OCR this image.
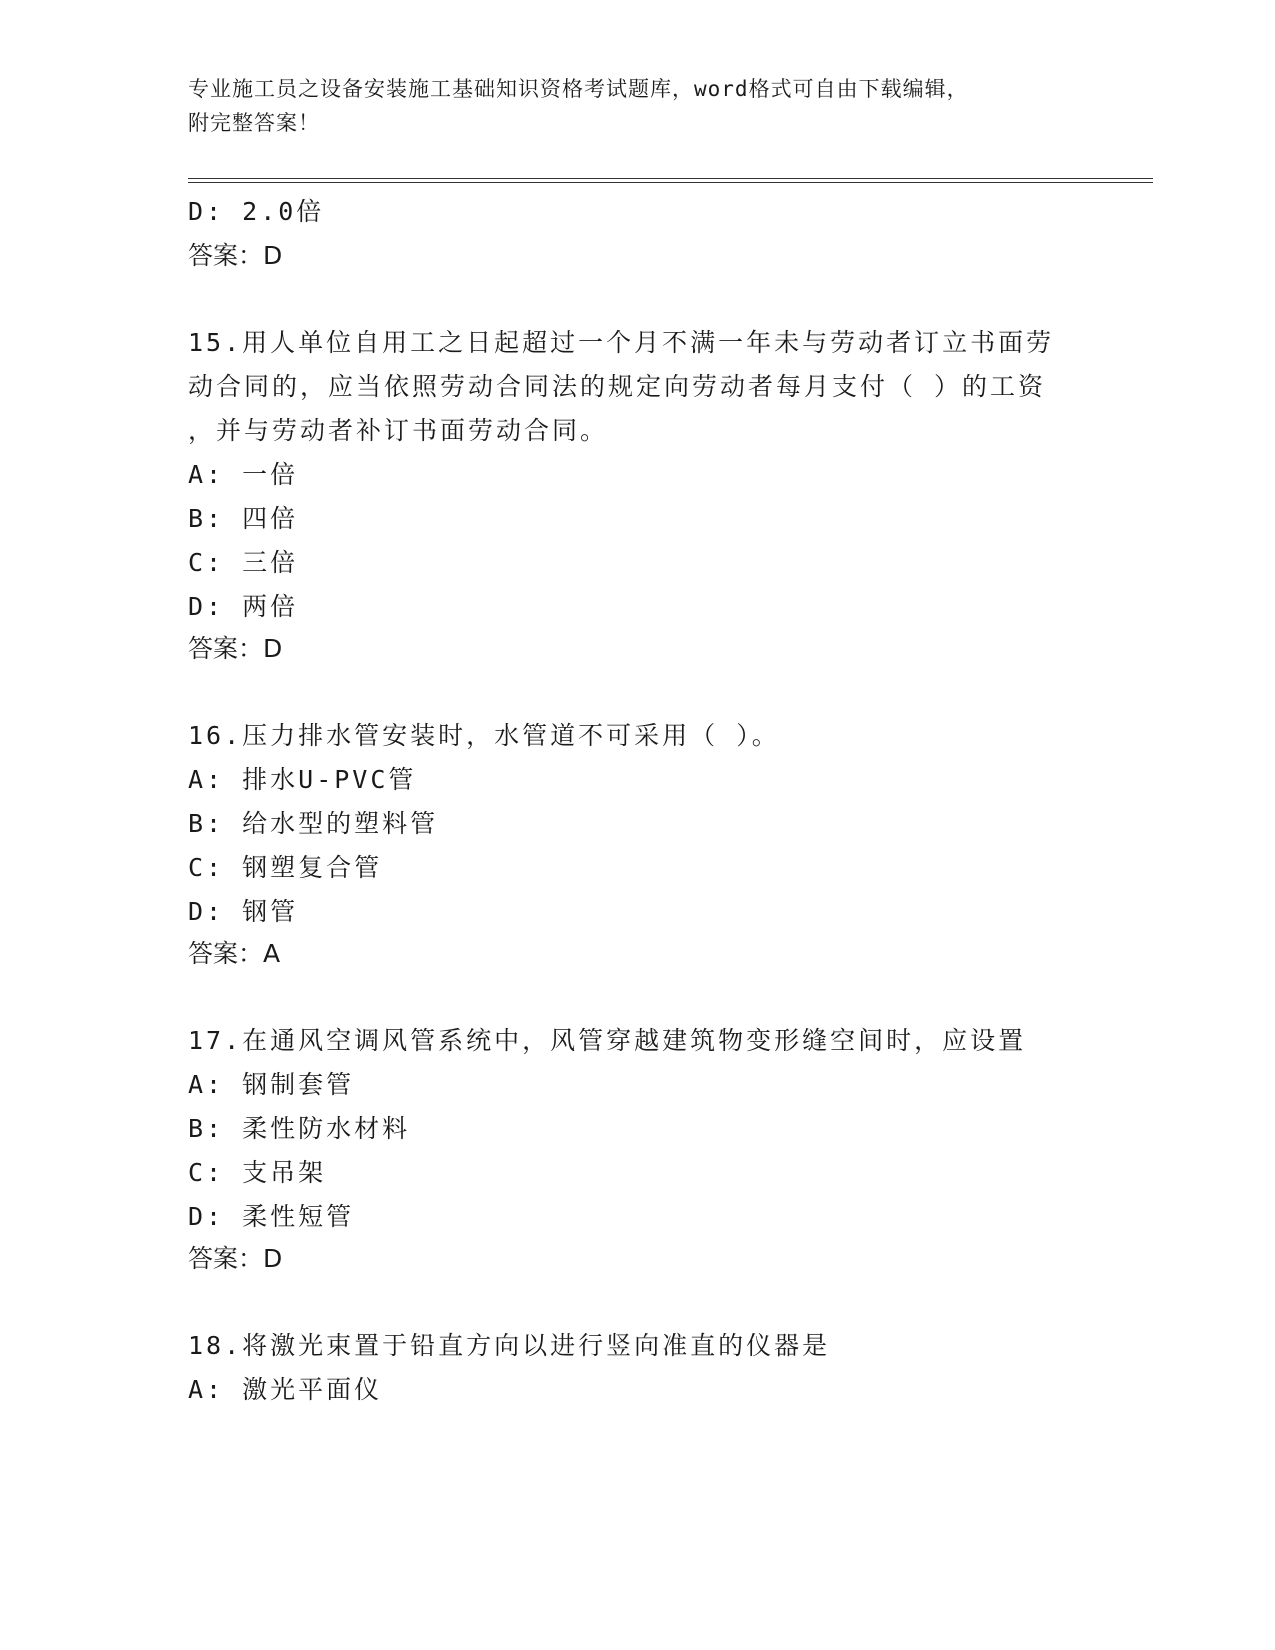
专业施工员之设备安装施工基础知识资格考试题库，word格式可自由下载编辑，
附完整答案！
D: 2.0倍
答案：D
15.用人单位自用工之日起超过一个月不满一年未与劳动者订立书面劳
动合同的，应当依照劳动合同法的规定向劳动者每月支付（ ）的工资
，并与劳动者补订书面劳动合同。
A: 一倍
B: 四倍
C: 三倍
D: 两倍
答案：D
16.压力排水管安装时，水管道不可采用（ ）。
A: 排水U-PVC管
B: 给水型的塑料管
C: 钢塑复合管
D: 钢管
答案：A
17.在通风空调风管系统中，风管穿越建筑物变形缝空间时，应设置
A: 钢制套管
B: 柔性防水材料
C: 支吊架
D: 柔性短管
答案：D
18.将激光束置于铅直方向以进行竖向准直的仪器是
A: 激光平面仪
